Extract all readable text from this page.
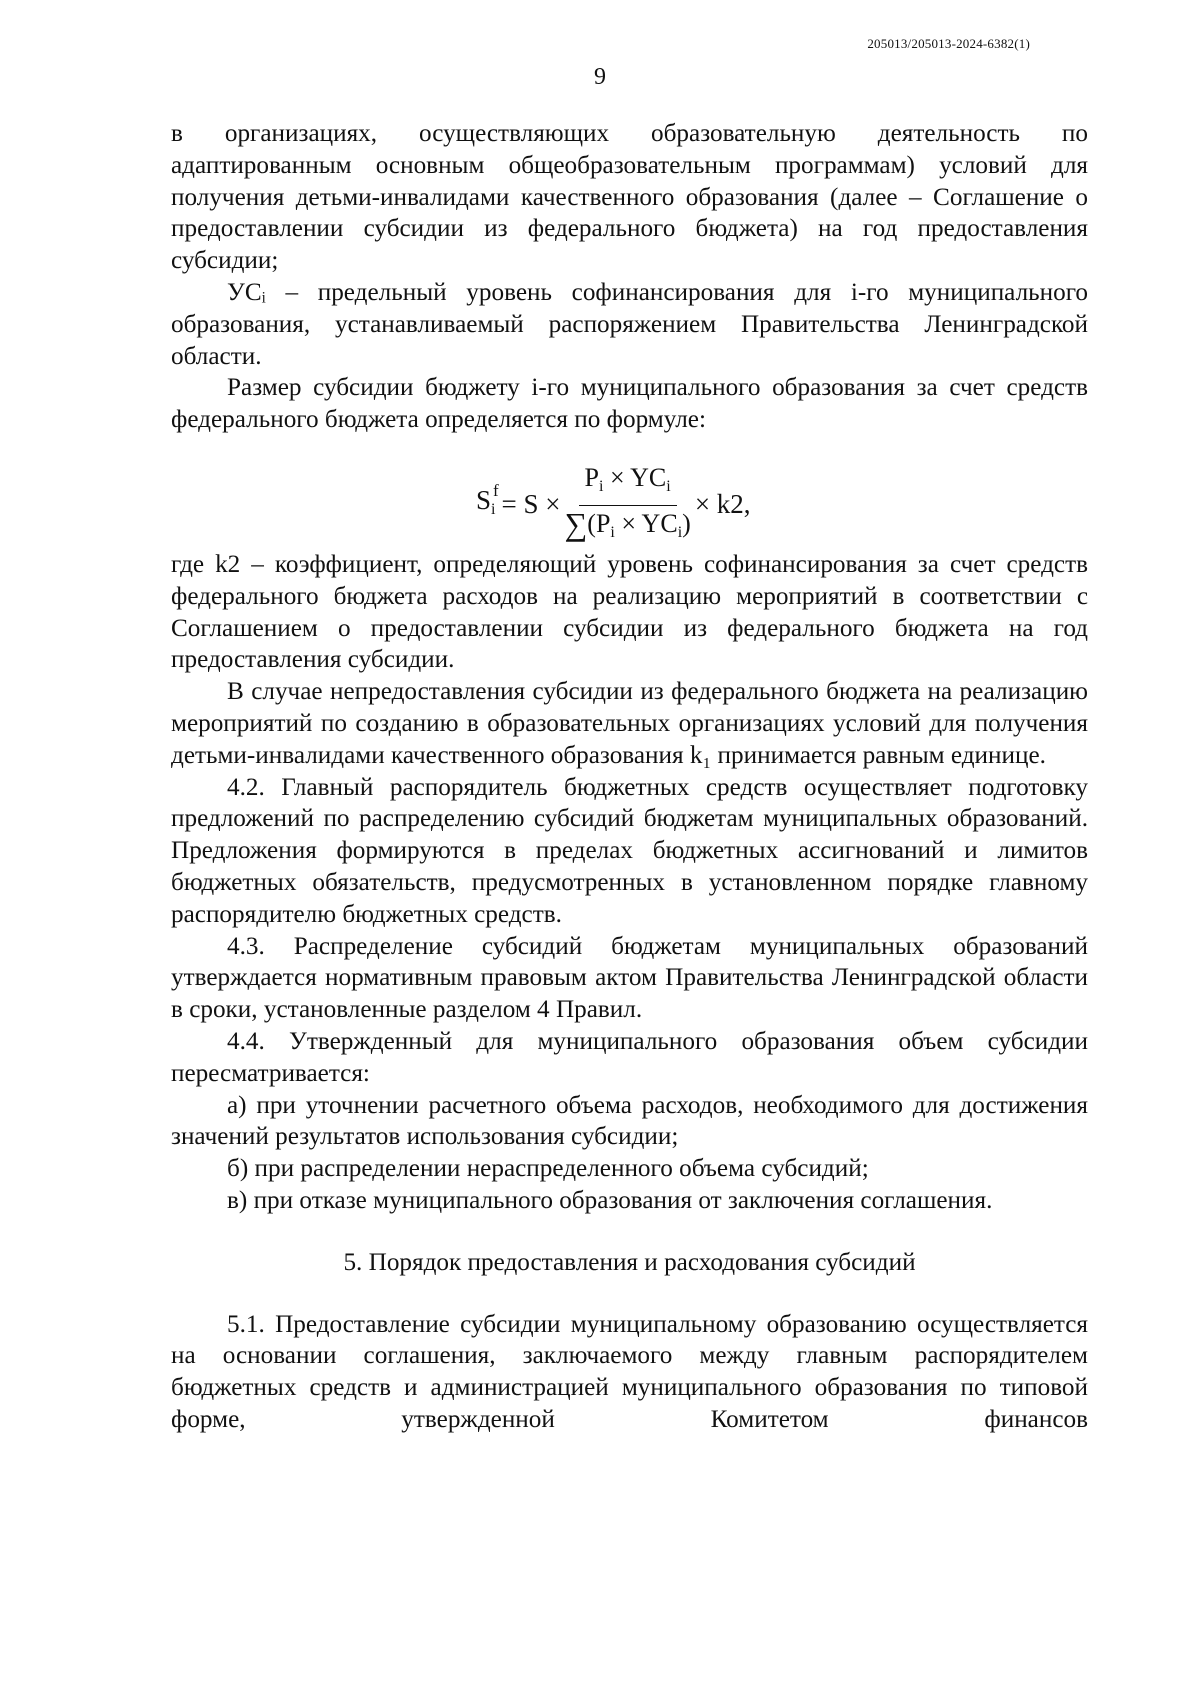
205013/205013-2024-6382(1)
9

в организациях, осуществляющих образовательную деятельность по адаптированным основным общеобразовательным программам) условий для получения детьми-инвалидами качественного образования (далее – Соглашение о предоставлении субсидии из федерального бюджета) на год предоставления субсидии;

УСᵢ – предельный уровень софинансирования для i-го муниципального образования, устанавливаемый распоряжением Правительства Ленинградской области.

Размер субсидии бюджету i-го муниципального образования за счет средств федерального бюджета определяется по формуле:

S f
$_i = S \times \frac{P_i \times YC_i}{\sum(P_i \times YC_i)} \times k2$,

где k2 – коэффициент, определяющий уровень софинансирования за счет средств федерального бюджета расходов на реализацию мероприятий в соответствии с Соглашением о предоставлении субсидии из федерального бюджета на год предоставления субсидии.

В случае непредоставления субсидии из федерального бюджета на реализацию мероприятий по созданию в образовательных организациях условий для получения детьми-инвалидами качественного образования k₁ принимается равным единице.

4.2. Главный распорядитель бюджетных средств осуществляет подготовку предложений по распределению субсидий бюджетам муниципальных образований. Предложения формируются в пределах бюджетных ассигнований и лимитов бюджетных обязательств, предусмотренных в установленном порядке главному распорядителю бюджетных средств.

4.3. Распределение субсидий бюджетам муниципальных образований утверждается нормативным правовым актом Правительства Ленинградской области в сроки, установленные разделом 4 Правил.

4.4. Утвержденный для муниципального образования объем субсидии пересматривается:

а) при уточнении расчетного объема расходов, необходимого для достижения значений результатов использования субсидии;

б) при распределении нераспределенного объема субсидий;

в) при отказе муниципального образования от заключения соглашения.

5. Порядок предоставления и расходования субсидий

5.1. Предоставление субсидии муниципальному образованию осуществляется на основании соглашения, заключаемого между главным распорядителем бюджетных средств и администрацией муниципального образования по типовой форме, утвержденной Комитетом финансов
